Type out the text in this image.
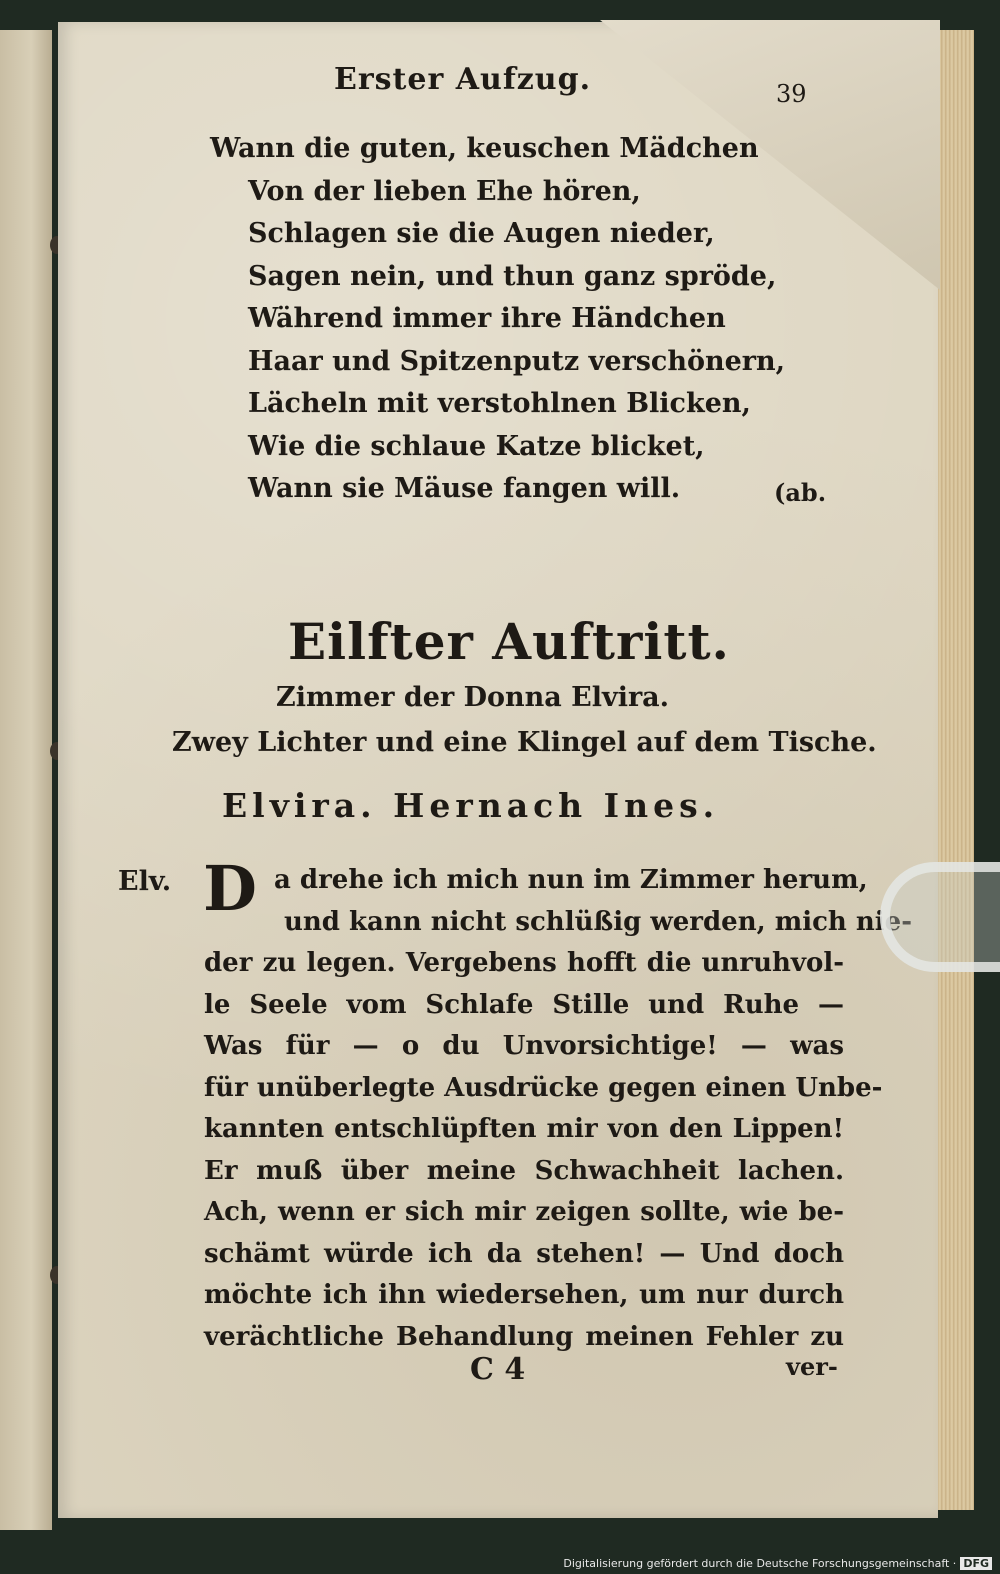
Erster Aufzug.	39
Wann die guten, keuschen Mädchen
Von der lieben Ehe hören,
Schlagen sie die Augen nieder,
Sagen nein, und thun ganz spröde,
Während immer ihre Händchen
Haar und Spitzenputz verschönern,
Lächeln mit verstohlnen Blicken,
Wie die schlaue Katze blicket,
Wann sie Mäuse fangen will.	(ab.
Eilfter Auftritt.
Zimmer der Donna Elvira.
Zwey Lichter und eine Klingel auf dem Tische.
Elvira. Hernach Ines.
Elv. D a drehe ich mich nun im Zimmer herum,
und kann nicht schlüßig werden, mich nie-
der zu legen. Vergebens hofft die unruhvol-
le Seele vom Schlafe Stille und Ruhe —
Was für — o du Unvorsichtige! — was
für unüberlegte Ausdrücke gegen einen Unbe-
kannten entschlüpften mir von den Lippen!
Er muß über meine Schwachheit lachen.
Ach, wenn er sich mir zeigen sollte, wie be-
schämt würde ich da stehen! — Und doch
möchte ich ihn wiedersehen, um nur durch
verächtliche Behandlung meinen Fehler zu
C 4	ver-
Digitalisierung gefördert durch die Deutsche Forschungsgemeinschaft · DFG
